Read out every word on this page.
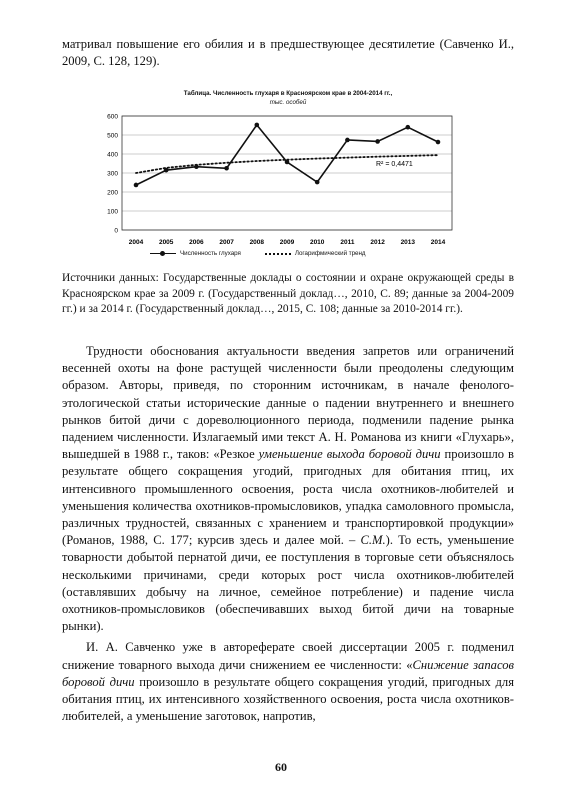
матривал повышение его обилия и в предшествующее десятилетие (Савченко И., 2009, С. 128, 129).

Таблица. Численность глухаря в Красноярском крае в 2004-2014 гг.,
тыс. особей
0
100
200
300
400
500
600
2004 2005 2006 2007 2008 2009 2010 2011 2012 2013 2014
R² = 0,4471
Численность глухаря	Логарифмический тренд

Источники данных: Государственные доклады о состоянии и охране окружающей среды в Красноярском крае за 2009 г. (Государственный доклад…, 2010, С. 89; данные за 2004-2009 гг.) и за 2014 г. (Государственный доклад…, 2015, С. 108; данные за 2010-2014 гг.).

Трудности обоснования актуальности введения запретов или ограничений весенней охоты на фоне растущей численности были преодолены следующим образом. Авторы, приведя, по сторонним источникам, в начале фенолого-этологической статьи исторические данные о падении внутреннего и внешнего рынков битой дичи с дореволюционного периода, подменили падение рынка падением численности. Излагаемый ими текст А. Н. Романова из книги «Глухарь», вышедшей в 1988 г., таков: «Резкое уменьшение выхода боровой дичи произошло в результате общего сокращения угодий, пригодных для обитания птиц, их интенсивного промышленного освоения, роста числа охотников-любителей и уменьшения количества охотников-промысловиков, упадка самоловного промысла, различных трудностей, связанных с хранением и транспортировкой продукции» (Романов, 1988, С. 177; курсив здесь и далее мой. – С.М.). То есть, уменьшение товарности добытой пернатой дичи, ее поступления в торговые сети объяснялось несколькими причинами, среди которых рост числа охотников-любителей (оставлявших добычу на личное, семейное потребление) и падение числа охотников-промысловиков (обеспечивавших выход битой дичи на товарные рынки).

И. А. Савченко уже в автореферате своей диссертации 2005 г. подменил снижение товарного выхода дичи снижением ее численности: «Снижение запасов боровой дичи произошло в результате общего сокращения угодий, пригодных для обитания птиц, их интенсивного хозяйственного освоения, роста числа охотников-любителей, а уменьшение заготовок, напротив,

60
